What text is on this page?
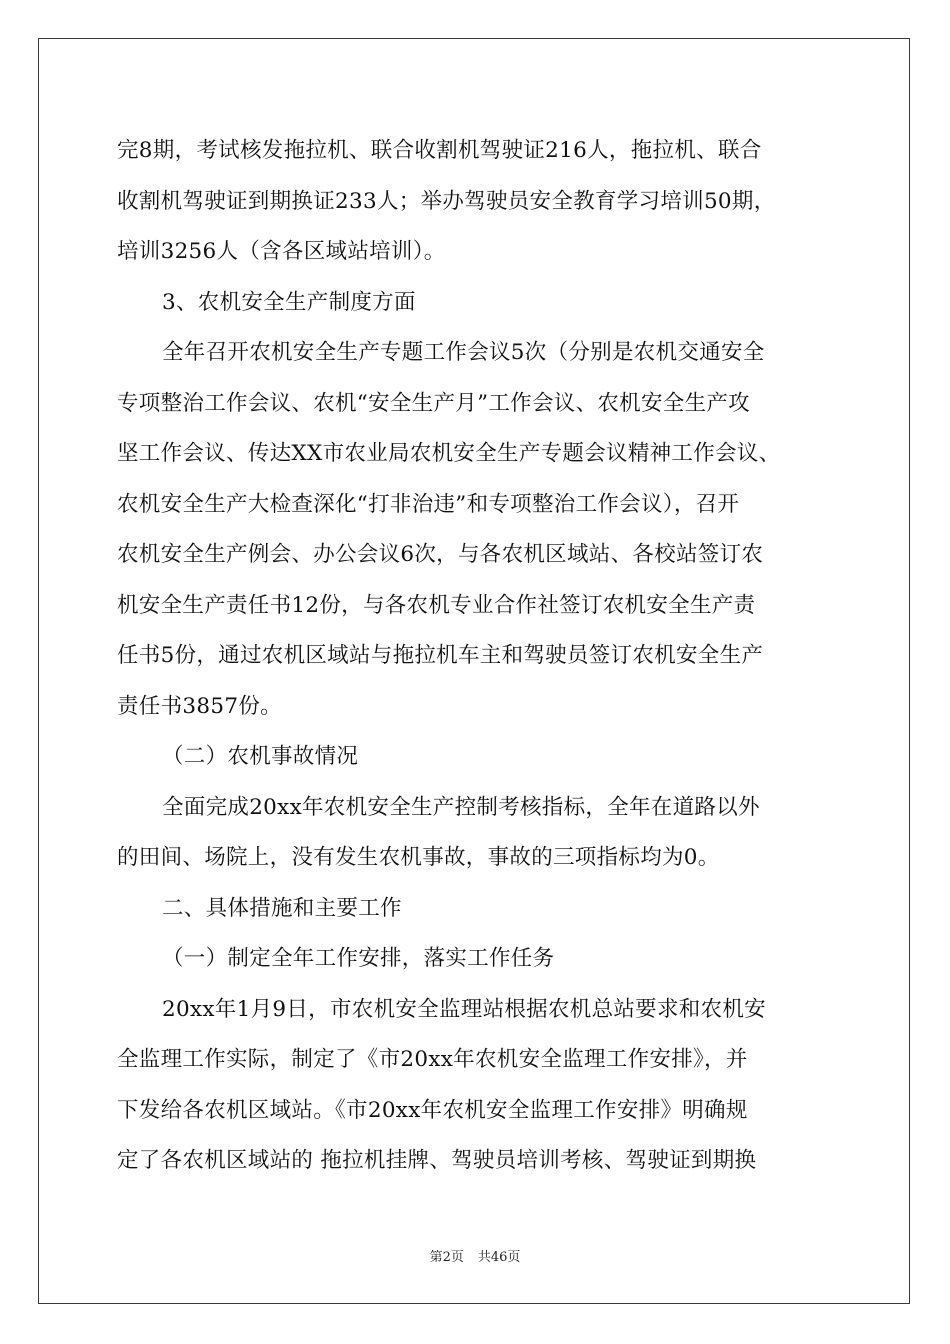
完8期，考试核发拖拉机、联合收割机驾驶证216人，拖拉机、联合
收割机驾驶证到期换证233人；举办驾驶员安全教育学习培训50期，
培训3256人（含各区域站培训）。
3、农机安全生产制度方面
全年召开农机安全生产专题工作会议5次（分别是农机交通安全
专项整治工作会议、农机“安全生产月”工作会议、农机安全生产攻
坚工作会议、传达XX市农业局农机安全生产专题会议精神工作会议、
农机安全生产大检查深化“打非治违”和专项整治工作会议），召开
农机安全生产例会、办公会议6次，与各农机区域站、各校站签订农
机安全生产责任书12份，与各农机专业合作社签订农机安全生产责
任书5份，通过农机区域站与拖拉机车主和驾驶员签订农机安全生产
责任书3857份。
（二）农机事故情况
全面完成20xx年农机安全生产控制考核指标，全年在道路以外
的田间、场院上，没有发生农机事故，事故的三项指标均为0。
二、具体措施和主要工作
（一）制定全年工作安排，落实工作任务
20xx年1月9日，市农机安全监理站根据农机总站要求和农机安
全监理工作实际，制定了《市20xx年农机安全监理工作安排》，并
下发给各农机区域站。《市20xx年农机安全监理工作安排》明确规
定了各农机区域站的 拖拉机挂牌、驾驶员培训考核、驾驶证到期换
第2页 共46页
